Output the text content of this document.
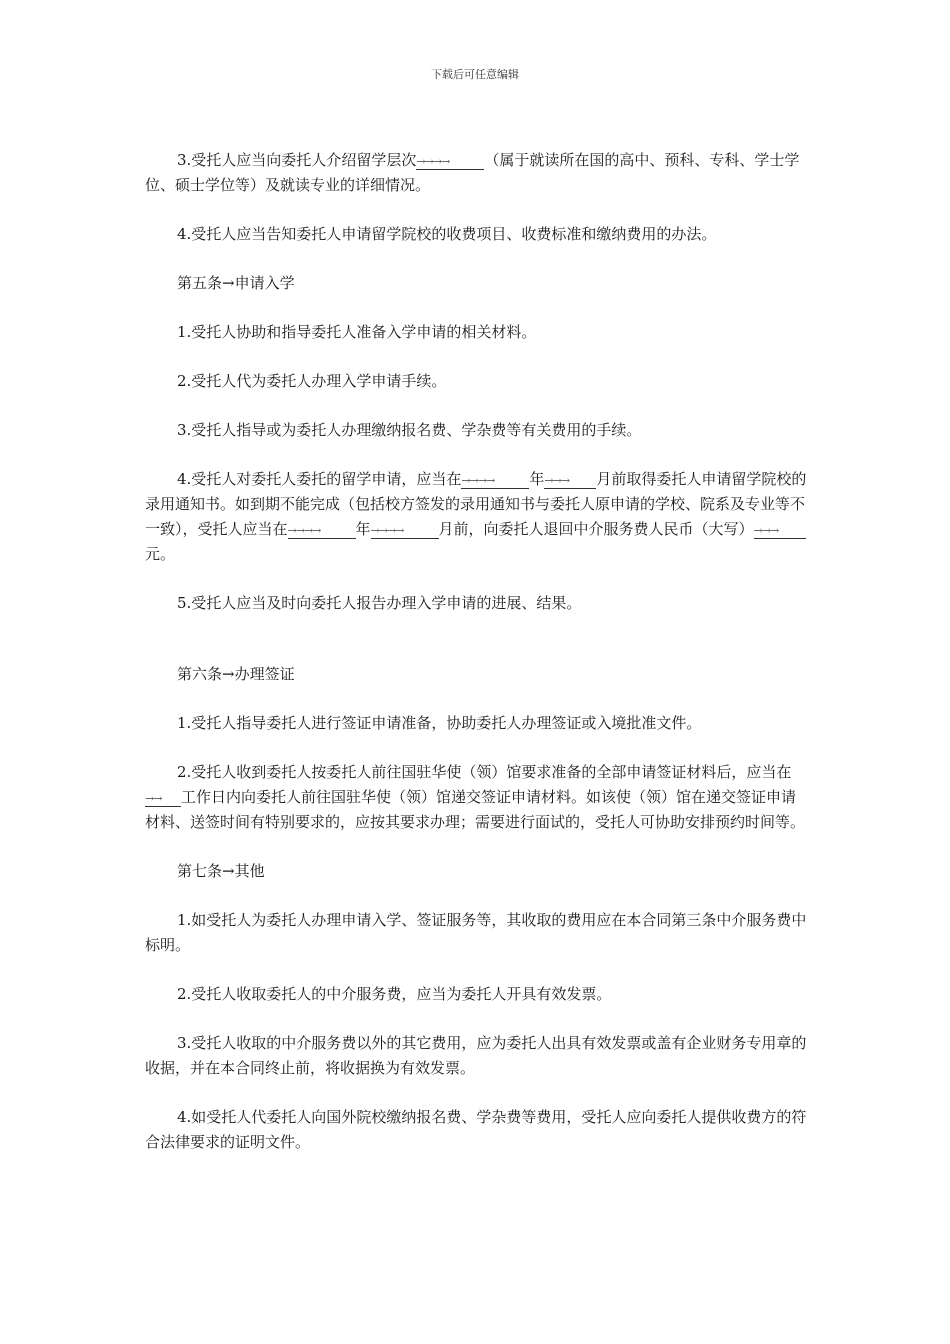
下载后可任意编辑

3.受托人应当向委托人介绍留学层次→→→→ （属于就读所在国的高中、预科、专科、学士学位、硕士学位等）及就读专业的详细情况。

4.受托人应当告知委托人申请留学院校的收费项目、收费标准和缴纳费用的办法。

第五条→申请入学

1.受托人协助和指导委托人准备入学申请的相关材料。

2.受托人代为委托人办理入学申请手续。

3.受托人指导或为委托人办理缴纳报名费、学杂费等有关费用的手续。

4.受托人对委托人委托的留学申请，应当在→→→→ 年→→→ 月前取得委托人申请留学院校的录用通知书。如到期不能完成（包括校方签发的录用通知书与委托人原申请的学校、院系及专业等不一致），受托人应当在→→→→ 年→→→→ 月前，向委托人退回中介服务费人民币（大写）→→→元。

5.受托人应当及时向委托人报告办理入学申请的进展、结果。

第六条→办理签证

1.受托人指导委托人进行签证申请准备，协助委托人办理签证或入境批准文件。

2.受托人收到委托人按委托人前往国驻华使（领）馆要求准备的全部申请签证材料后，应当在→→ 工作日内向委托人前往国驻华使（领）馆递交签证申请材料。如该使（领）馆在递交签证申请材料、送签时间有特别要求的，应按其要求办理；需要进行面试的，受托人可协助安排预约时间等。

第七条→其他

1.如受托人为委托人办理申请入学、签证服务等，其收取的费用应在本合同第三条中介服务费中标明。

2.受托人收取委托人的中介服务费，应当为委托人开具有效发票。

3.受托人收取的中介服务费以外的其它费用，应为委托人出具有效发票或盖有企业财务专用章的收据，并在本合同终止前，将收据换为有效发票。

4.如受托人代委托人向国外院校缴纳报名费、学杂费等费用，受托人应向委托人提供收费方的符合法律要求的证明文件。
